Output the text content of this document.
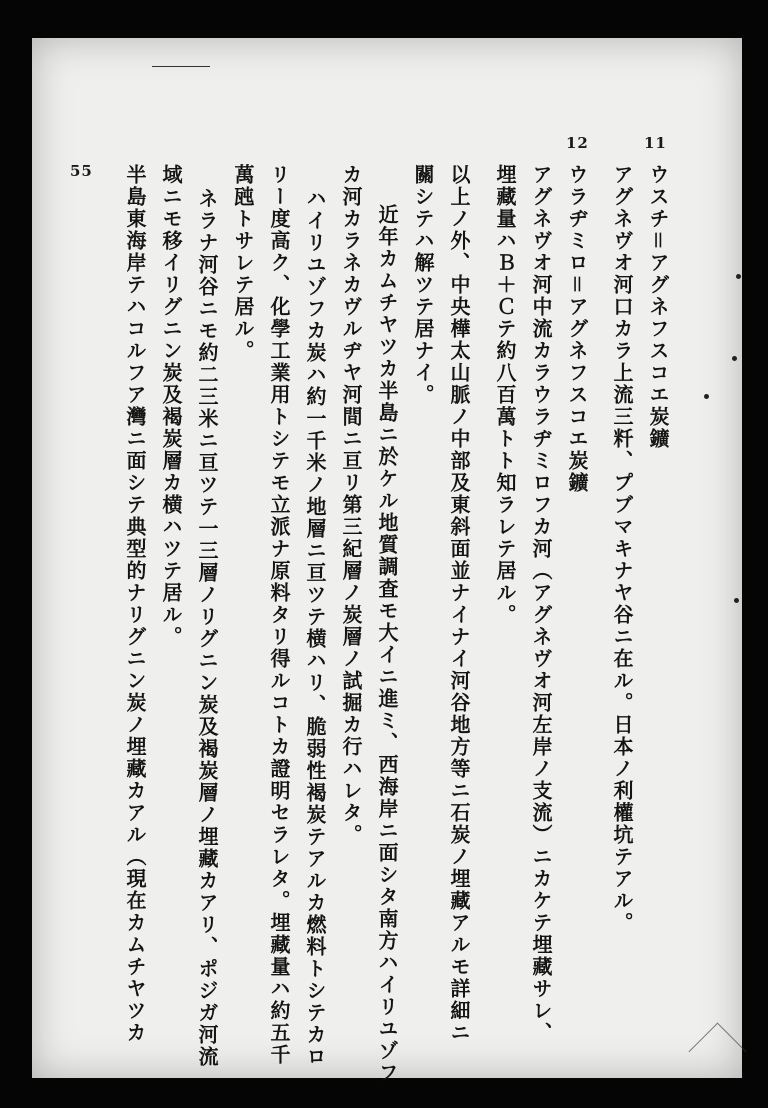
11
12
55	ウスチ＝アグネフスコエ炭鑛
アグネヴオ河口カラ上流三粁、プブマキナヤ谷ニ在ル。日本ノ利權坑テアル。
ウラヂミロ＝アグネフスコエ炭鑛
アグネヴオ河中流カラウラヂミロフカ河（アグネヴオ河左岸ノ支流）ニカケテ埋藏サレ、
埋藏量ハＢ＋Ｃテ約八百萬トト知ラレテ居ル。
以上ノ外、中央樺太山脈ノ中部及東斜面並ナイナイ河谷地方等ニ石炭ノ埋藏アルモ詳細ニ
關シテハ解ツテ居ナイ。
近年カムチヤツカ半島ニ於ケル地質調査モ大イニ進ミ、西海岸ニ面シタ南方ハイリユゾフ
カ河カラネカヴルヂヤ河間ニ亘リ第三紀層ノ炭層ノ試掘カ行ハレタ。
ハイリユゾフカ炭ハ約一千米ノ地層ニ亘ツテ横ハリ、脆弱性褐炭テアルカ燃料トシテカロ
リー度高ク、化學工業用トシテモ立派ナ原料タリ得ルコトカ證明セラレタ。埋藏量ハ約五千
萬瓲トサレテ居ル。
ネラナ河谷ニモ約二三米ニ亘ツテ一三層ノリグニン炭及褐炭層ノ埋藏カアリ、ポジガ河流
域ニモ移イリグニン炭及褐炭層カ横ハツテ居ル。
半島東海岸テハコルフア灣ニ面シテ典型的ナリグニン炭ノ埋藏カアル（現在カムチヤツカ
